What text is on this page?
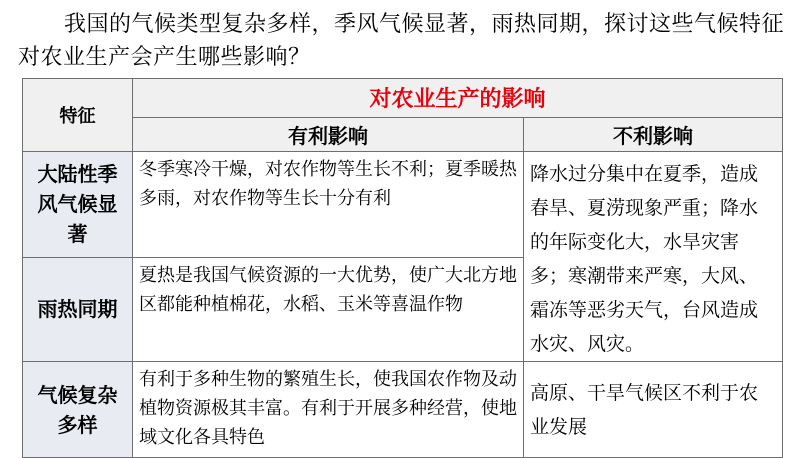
我国的气候类型复杂多样，季风气候显著，雨热同期，探讨这些气候特征对农业生产会产生哪些影响？
特征	对农业生产的影响	
	有利影响	不利影响

大陆性季风气候显著	冬季寒冷干燥，对农作物等生长不利；夏季暖热多雨，对农作物等生长十分有利	降水过分集中在夏季，造成春旱、夏涝现象严重；降水的年际变化大，水旱灾害多；寒潮带来严寒，大风、霜冻等恶劣天气，台风造成水灾、风灾。
雨热同期	夏热是我国气候资源的一大优势，使广大北方地区都能种植棉花，水稻、玉米等喜温作物	

气候复杂多样	有利于多种生物的繁殖生长，使我国农作物及动植物资源极其丰富。有利于开展多种经营，使地域文化各具特色	高原、干旱气候区不利于农业发展
